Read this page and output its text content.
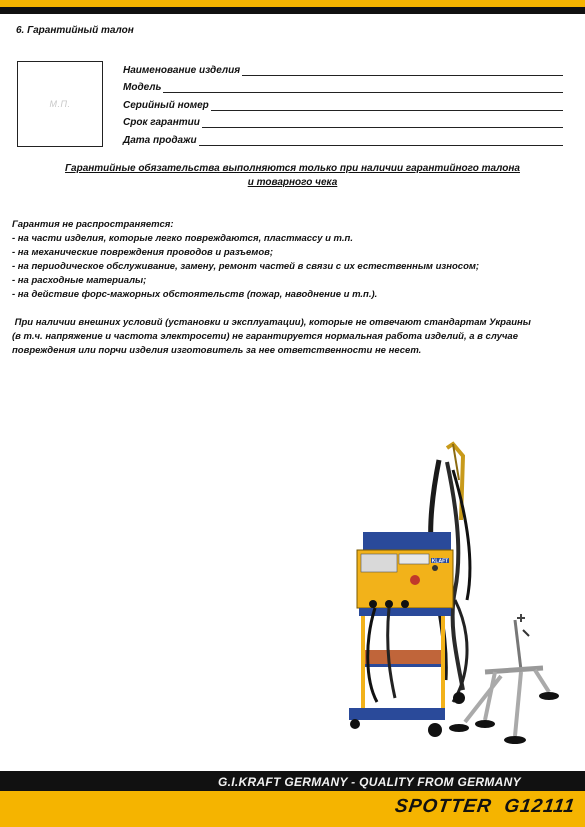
6. Гарантийный талон
М.П.
Наименование изделия
Модель
Серийный номер
Срок гарантии
Дата продажи
Гарантийные обязательства выполняются только при наличии гарантийного талона
и товарного чека
Гарантия не распространяется:
- на части изделия, которые легко повреждаются, пластмассу и т.п.
- на механические повреждения проводов и разъемов;
- на периодическое обслуживание, замену, ремонт частей в связи с их естественным износом;
- на расходные материалы;
- на действие форс-мажорных обстоятельств (пожар, наводнение и т.п.).
При наличии внешних условий (установки и эксплуатации), которые не отвечают стандартам Украины
(в т.ч. напряжение и частота электросети) не гарантируется нормальная работа изделий, а в случае
повреждения или порчи изделия изготовитель за нее ответственности не несет.
KLAFT
G.I.KRAFT GERMANY - QUALITY FROM GERMANY
SPOTTER  G12111
